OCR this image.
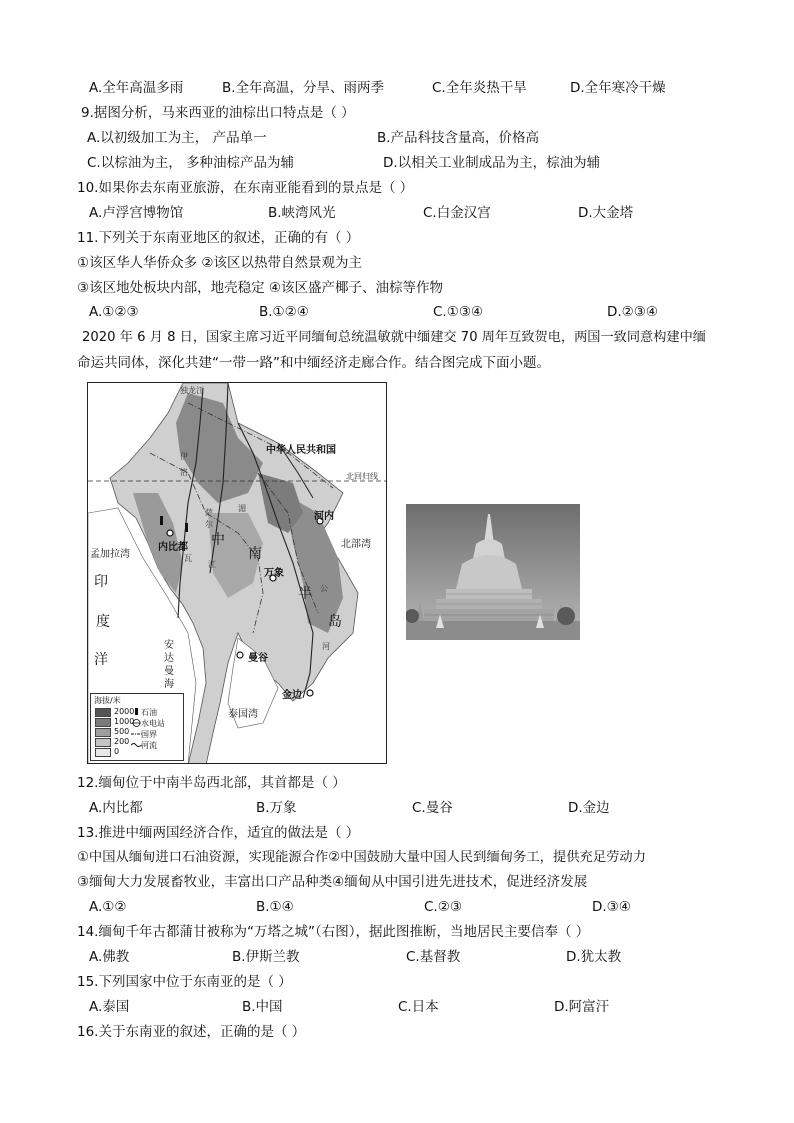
A.全年高温多雨	B.全年高温，分旱、雨两季	C.全年炎热干旱	D.全年寒冷干燥
9.据图分析，马来西亚的油棕出口特点是（ ）
A.以初级加工为主， 产品单一	B.产品科技含量高，价格高
C.以棕油为主， 多种油棕产品为辅	D.以相关工业制成品为主，棕油为辅
10.如果你去东南亚旅游，在东南亚能看到的景点是（ ）
A.卢浮宫博物馆	B.峡湾风光	C.白金汉宫	D.大金塔
11.下列关于东南亚地区的叙述，正确的有（ ）
①该区华人华侨众多 ②该区以热带自然景观为主
③该区地处板块内部，地壳稳定 ④该区盛产椰子、油棕等作物
A.①②③	B.①②④	C.①③④	D.②③④
2020 年 6 月 8 日，国家主席习近平同缅甸总统温敏就中缅建交 70 周年互致贺电，两国一致同意构建中缅
命运共同体，深化共建“一带一路”和中缅经济走廊合作。结合图完成下面小题。
独龙江
中华人民共和国
北回归线
河内
内比都	北部湾
孟加拉湾
印
度
洋
万象
曼谷
安达曼海
金边
泰国湾
中
南
半
岛
伊
洛
萨
尔
瓦
江
湄
公
河
海拔/米
2000
1000
500
200
0
石油
水电站
国界
河流
12.缅甸位于中南半岛西北部，其首都是（ ）
A.内比都	B.万象	C.曼谷	D.金边
13.推进中缅两国经济合作，适宜的做法是（ ）
①中国从缅甸进口石油资源，实现能源合作②中国鼓励大量中国人民到缅甸务工，提供充足劳动力
③缅甸大力发展畜牧业，丰富出口产品种类④缅甸从中国引进先进技术，促进经济发展
A.①②	B.①④	C.②③	D.③④
14.缅甸千年古都蒲甘被称为“万塔之城”（右图），据此图推断，当地居民主要信奉（ ）
A.佛教	B.伊斯兰教	C.基督教	D.犹太教
15.下列国家中位于东南亚的是（ ）
A.泰国	B.中国	C.日本	D.阿富汗
16.关于东南亚的叙述，正确的是（ ）
